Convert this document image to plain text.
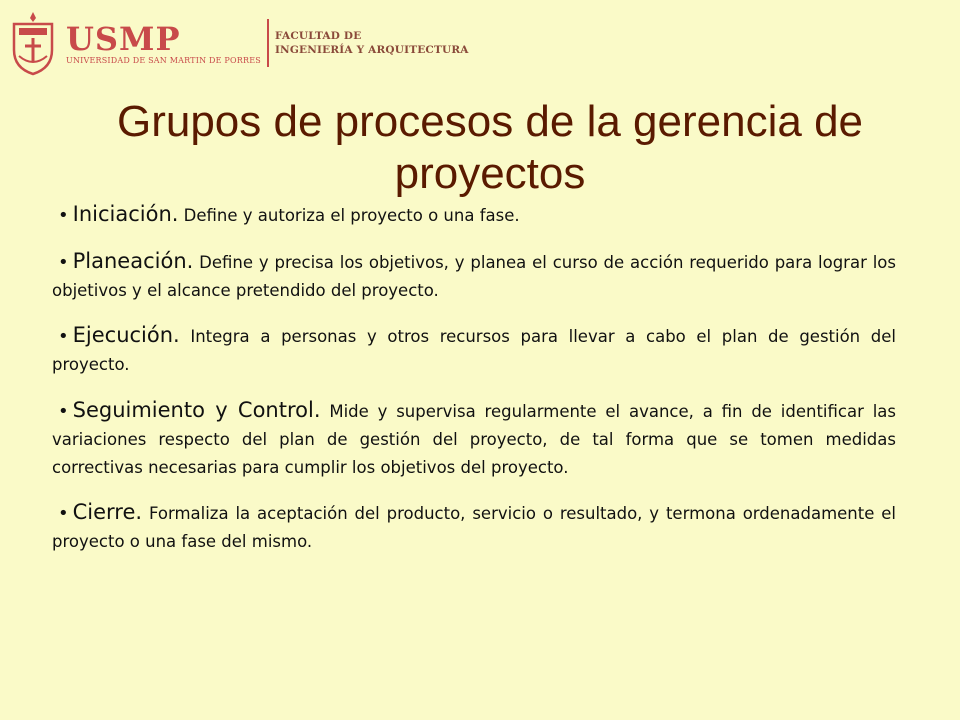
USMP
UNIVERSIDAD DE SAN MARTIN DE PORRES
FACULTAD DE
INGENIERÍA Y ARQUITECTURA
Grupos de procesos de la gerencia de proyectos

• Iniciación. Define y autoriza el proyecto o una fase.

• Planeación. Define y precisa los objetivos, y planea el curso de acción requerido para lograr los objetivos y el alcance pretendido del proyecto.

• Ejecución. Integra a personas y otros recursos para llevar a cabo el plan de gestión del proyecto.

• Seguimiento y Control. Mide y supervisa regularmente el avance, a fin de identificar las variaciones respecto del plan de gestión del proyecto, de tal forma que se tomen medidas correctivas necesarias para cumplir los objetivos del proyecto.

• Cierre. Formaliza la aceptación del producto, servicio o resultado, y termona ordenadamente el proyecto o una fase del mismo.
